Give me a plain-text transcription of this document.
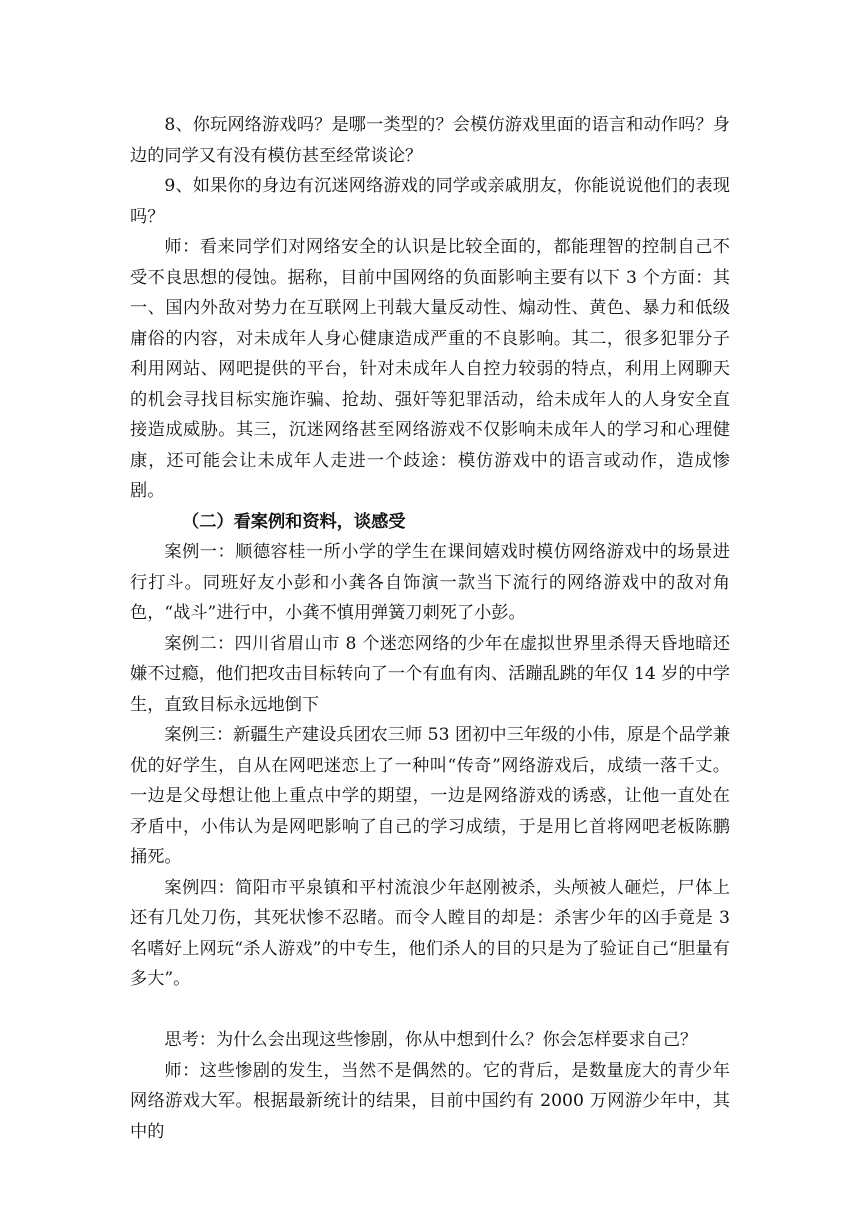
8、你玩网络游戏吗？是哪一类型的？会模仿游戏里面的语言和动作吗？身边的同学又有没有模仿甚至经常谈论？

9、如果你的身边有沉迷网络游戏的同学或亲戚朋友，你能说说他们的表现吗？

师：看来同学们对网络安全的认识是比较全面的，都能理智的控制自己不受不良思想的侵蚀。据称，目前中国网络的负面影响主要有以下 3 个方面：其一、国内外敌对势力在互联网上刊载大量反动性、煽动性、黄色、暴力和低级庸俗的内容，对未成年人身心健康造成严重的不良影响。其二，很多犯罪分子利用网站、网吧提供的平台，针对未成年人自控力较弱的特点，利用上网聊天的机会寻找目标实施诈骗、抢劫、强奸等犯罪活动，给未成年人的人身安全直接造成威胁。其三，沉迷网络甚至网络游戏不仅影响未成年人的学习和心理健康，还可能会让未成年人走进一个歧途：模仿游戏中的语言或动作，造成惨剧。

（二）看案例和资料，谈感受

案例一：顺德容桂一所小学的学生在课间嬉戏时模仿网络游戏中的场景进行打斗。同班好友小彭和小龚各自饰演一款当下流行的网络游戏中的敌对角色，“战斗”进行中，小龚不慎用弹簧刀刺死了小彭。

案例二：四川省眉山市 8 个迷恋网络的少年在虚拟世界里杀得天昏地暗还嫌不过瘾，他们把攻击目标转向了一个有血有肉、活蹦乱跳的年仅 14 岁的中学生，直致目标永远地倒下

案例三：新疆生产建设兵团农三师 53 团初中三年级的小伟，原是个品学兼优的好学生，自从在网吧迷恋上了一种叫“传奇”网络游戏后，成绩一落千丈。一边是父母想让他上重点中学的期望，一边是网络游戏的诱惑，让他一直处在矛盾中，小伟认为是网吧影响了自己的学习成绩，于是用匕首将网吧老板陈鹏捅死。

案例四：简阳市平泉镇和平村流浪少年赵刚被杀，头颅被人砸烂，尸体上还有几处刀伤，其死状惨不忍睹。而令人瞠目的却是：杀害少年的凶手竟是 3 名嗜好上网玩“杀人游戏”的中专生，他们杀人的目的只是为了验证自己“胆量有多大”。

思考：为什么会出现这些惨剧，你从中想到什么？你会怎样要求自己？

师：这些惨剧的发生，当然不是偶然的。它的背后，是数量庞大的青少年网络游戏大军。根据最新统计的结果，目前中国约有 2000 万网游少年中，其中的
